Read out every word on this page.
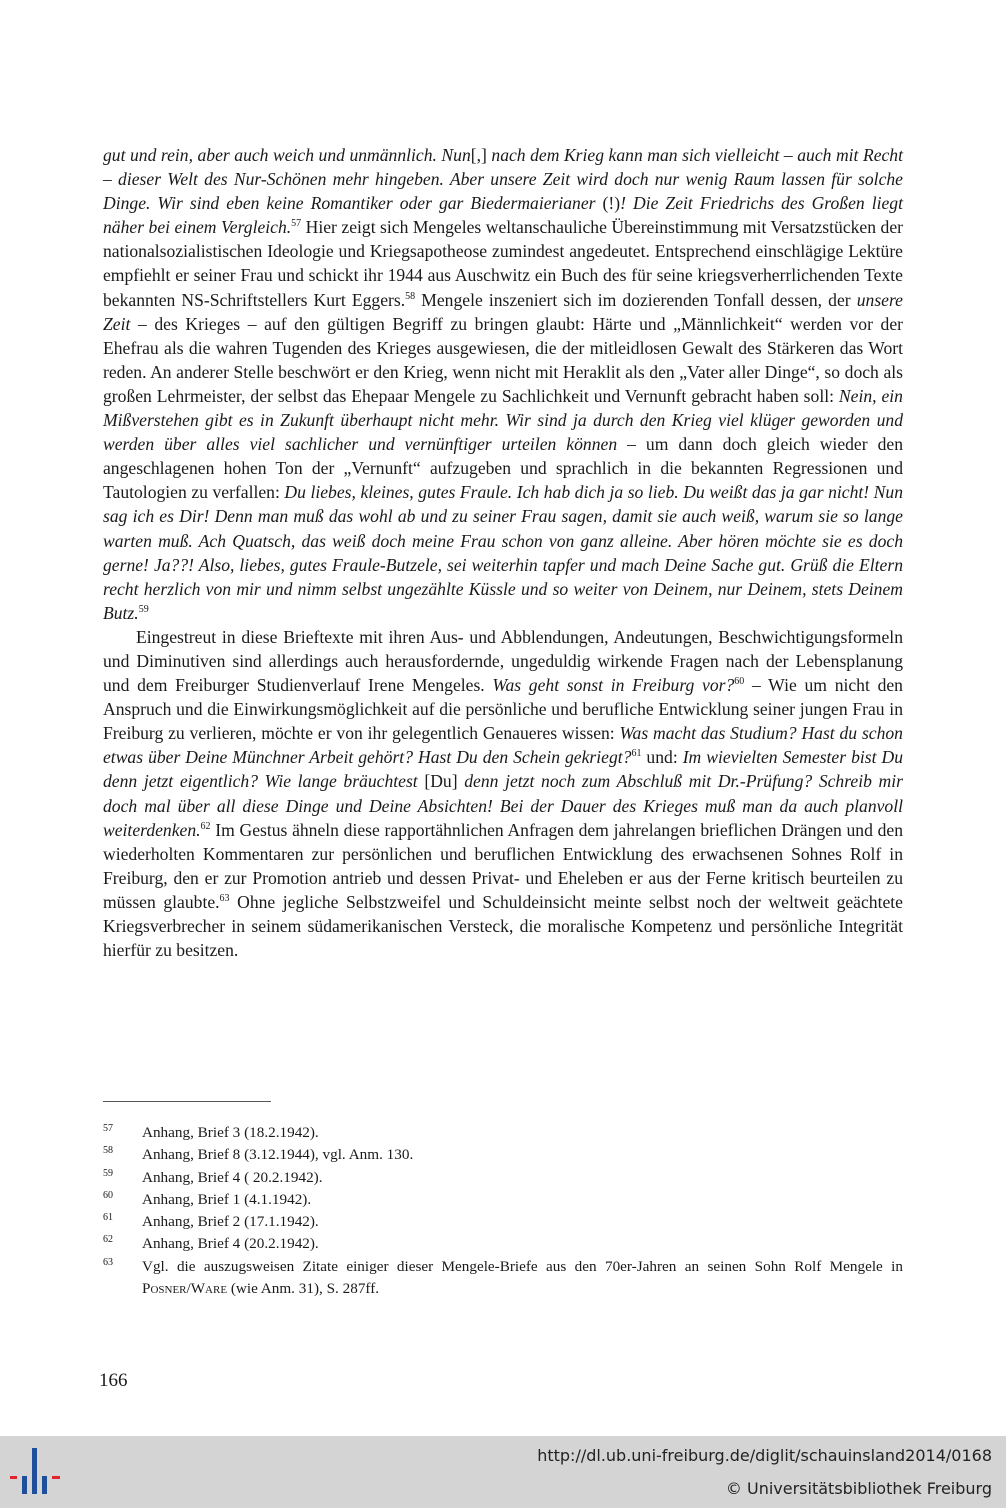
gut und rein, aber auch weich und unmännlich. Nun[,] nach dem Krieg kann man sich vielleicht – auch mit Recht – dieser Welt des Nur-Schönen mehr hingeben. Aber unsere Zeit wird doch nur wenig Raum lassen für solche Dinge. Wir sind eben keine Romantiker oder gar Biedermaierianer (!)! Die Zeit Friedrichs des Großen liegt näher bei einem Vergleich.$^{57}$ Hier zeigt sich Mengeles weltanschauliche Übereinstimmung mit Versatzstücken der nationalsozialistischen Ideologie und Kriegsapotheose zumindest angedeutet. Entsprechend einschlägige Lektüre empfiehlt er seiner Frau und schickt ihr 1944 aus Auschwitz ein Buch des für seine kriegsverherrlichenden Texte bekannten NS-Schriftstellers Kurt Eggers.$^{58}$ Mengele inszeniert sich im dozierenden Tonfall dessen, der unsere Zeit – des Krieges – auf den gültigen Begriff zu bringen glaubt: Härte und „Männlichkeit“ werden vor der Ehefrau als die wahren Tugenden des Krieges ausgewiesen, die der mitleidlosen Gewalt des Stärkeren das Wort reden. An anderer Stelle beschwört er den Krieg, wenn nicht mit Heraklit als den „Vater aller Dinge“, so doch als großen Lehrmeister, der selbst das Ehepaar Mengele zu Sachlichkeit und Vernunft gebracht haben soll: Nein, ein Mißverstehen gibt es in Zukunft überhaupt nicht mehr. Wir sind ja durch den Krieg viel klüger geworden und werden über alles viel sachlicher und vernünftiger urteilen können – um dann doch gleich wieder den angeschlagenen hohen Ton der „Vernunft“ aufzugeben und sprachlich in die bekannten Regressionen und Tautologien zu verfallen: Du liebes, kleines, gutes Fraule. Ich hab dich ja so lieb. Du weißt das ja gar nicht! Nun sag ich es Dir! Denn man muß das wohl ab und zu seiner Frau sagen, damit sie auch weiß, warum sie so lange warten muß. Ach Quatsch, das weiß doch meine Frau schon von ganz alleine. Aber hören möchte sie es doch gerne! Ja??! Also, liebes, gutes Fraule-Butzele, sei weiterhin tapfer und mach Deine Sache gut. Grüß die Eltern recht herzlich von mir und nimm selbst ungezählte Küssle und so weiter von Deinem, nur Deinem, stets Deinem Butz.$^{59}$

Eingestreut in diese Brieftexte mit ihren Aus- und Abblendungen, Andeutungen, Beschwichtigungsformeln und Diminutiven sind allerdings auch herausfordernde, ungeduldig wirkende Fragen nach der Lebensplanung und dem Freiburger Studienverlauf Irene Mengeles. Was geht sonst in Freiburg vor?$^{60}$ – Wie um nicht den Anspruch und die Einwirkungsmöglichkeit auf die persönliche und berufliche Entwicklung seiner jungen Frau in Freiburg zu verlieren, möchte er von ihr gelegentlich Genaueres wissen: Was macht das Studium? Hast du schon etwas über Deine Münchner Arbeit gehört? Hast Du den Schein gekriegt?$^{61}$ und: Im wievielten Semester bist Du denn jetzt eigentlich? Wie lange bräuchtest [Du] denn jetzt noch zum Abschluß mit Dr.-Prüfung? Schreib mir doch mal über all diese Dinge und Deine Absichten! Bei der Dauer des Krieges muß man da auch planvoll weiterdenken.$^{62}$ Im Gestus ähneln diese rapportähnlichen Anfragen dem jahrelangen brieflichen Drängen und den wiederholten Kommentaren zur persönlichen und beruflichen Entwicklung des erwachsenen Sohnes Rolf in Freiburg, den er zur Promotion antrieb und dessen Privat- und Eheleben er aus der Ferne kritisch beurteilen zu müssen glaubte.$^{63}$ Ohne jegliche Selbstzweifel und Schuldeinsicht meinte selbst noch der weltweit geächtete Kriegsverbrecher in seinem südamerikanischen Versteck, die moralische Kompetenz und persönliche Integrität hierfür zu besitzen.

57 Anhang, Brief 3 (18.2.1942).
58 Anhang, Brief 8 (3.12.1944), vgl. Anm. 130.
59 Anhang, Brief 4 ( 20.2.1942).
60 Anhang, Brief 1 (4.1.1942).
61 Anhang, Brief 2 (17.1.1942).
62 Anhang, Brief 4 (20.2.1942).
63 Vgl. die auszugsweisen Zitate einiger dieser Mengele-Briefe aus den 70er-Jahren an seinen Sohn Rolf Mengele in Posner/Ware (wie Anm. 31), S. 287ff.
166
http://dl.ub.uni-freiburg.de/diglit/schauinsland2014/0168
© Universitätsbibliothek Freiburg
